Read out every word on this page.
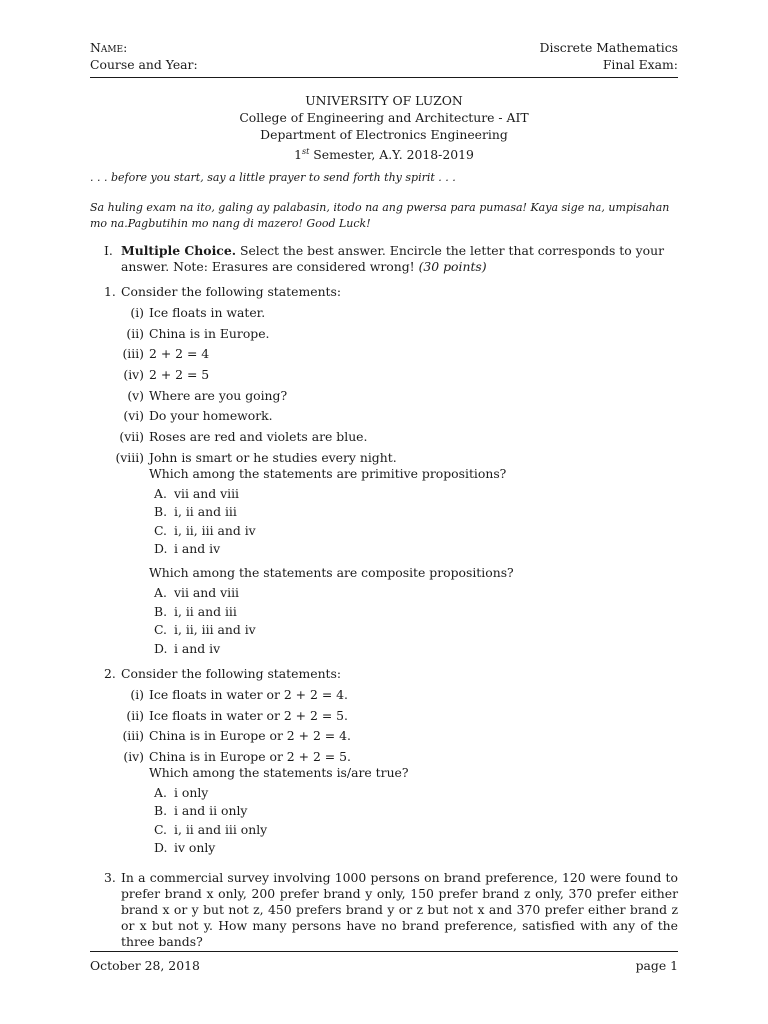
Name:	Discrete Mathematics
Course and Year:	Final Exam:
UNIVERSITY OF LUZON
College of Engineering and Architecture - AIT
Department of Electronics Engineering
1st Semester, A.Y. 2018-2019
. . . before you start, say a little prayer to send forth thy spirit . . .
Sa huling exam na ito, galing ay palabasin, itodo na ang pwersa para pumasa! Kaya sige na, umpisahan mo na.Pagbutihin mo nang di mazero! Good Luck!
I. Multiple Choice. Select the best answer. Encircle the letter that corresponds to your answer. Note: Erasures are considered wrong! (30 points)
1. Consider the following statements:
(i) Ice floats in water.
(ii) China is in Europe.
(iii) 2 + 2 = 4
(iv) 2 + 2 = 5
(v) Where are you going?
(vi) Do your homework.
(vii) Roses are red and violets are blue.
(viii) John is smart or he studies every night.
Which among the statements are primitive propositions?
A. vii and viii
B. i, ii and iii
C. i, ii, iii and iv
D. i and iv
Which among the statements are composite propositions?
A. vii and viii
B. i, ii and iii
C. i, ii, iii and iv
D. i and iv
2. Consider the following statements:
(i) Ice floats in water or 2 + 2 = 4.
(ii) Ice floats in water or 2 + 2 = 5.
(iii) China is in Europe or 2 + 2 = 4.
(iv) China is in Europe or 2 + 2 = 5.
Which among the statements is/are true?
A. i only
B. i and ii only
C. i, ii and iii only
D. iv only
3. In a commercial survey involving 1000 persons on brand preference, 120 were found to prefer brand x only, 200 prefer brand y only, 150 prefer brand z only, 370 prefer either brand x or y but not z, 450 prefers brand y or z but not x and 370 prefer either brand z or x but not y. How many persons have no brand preference, satisfied with any of the three bands?
October 28, 2018	page 1
